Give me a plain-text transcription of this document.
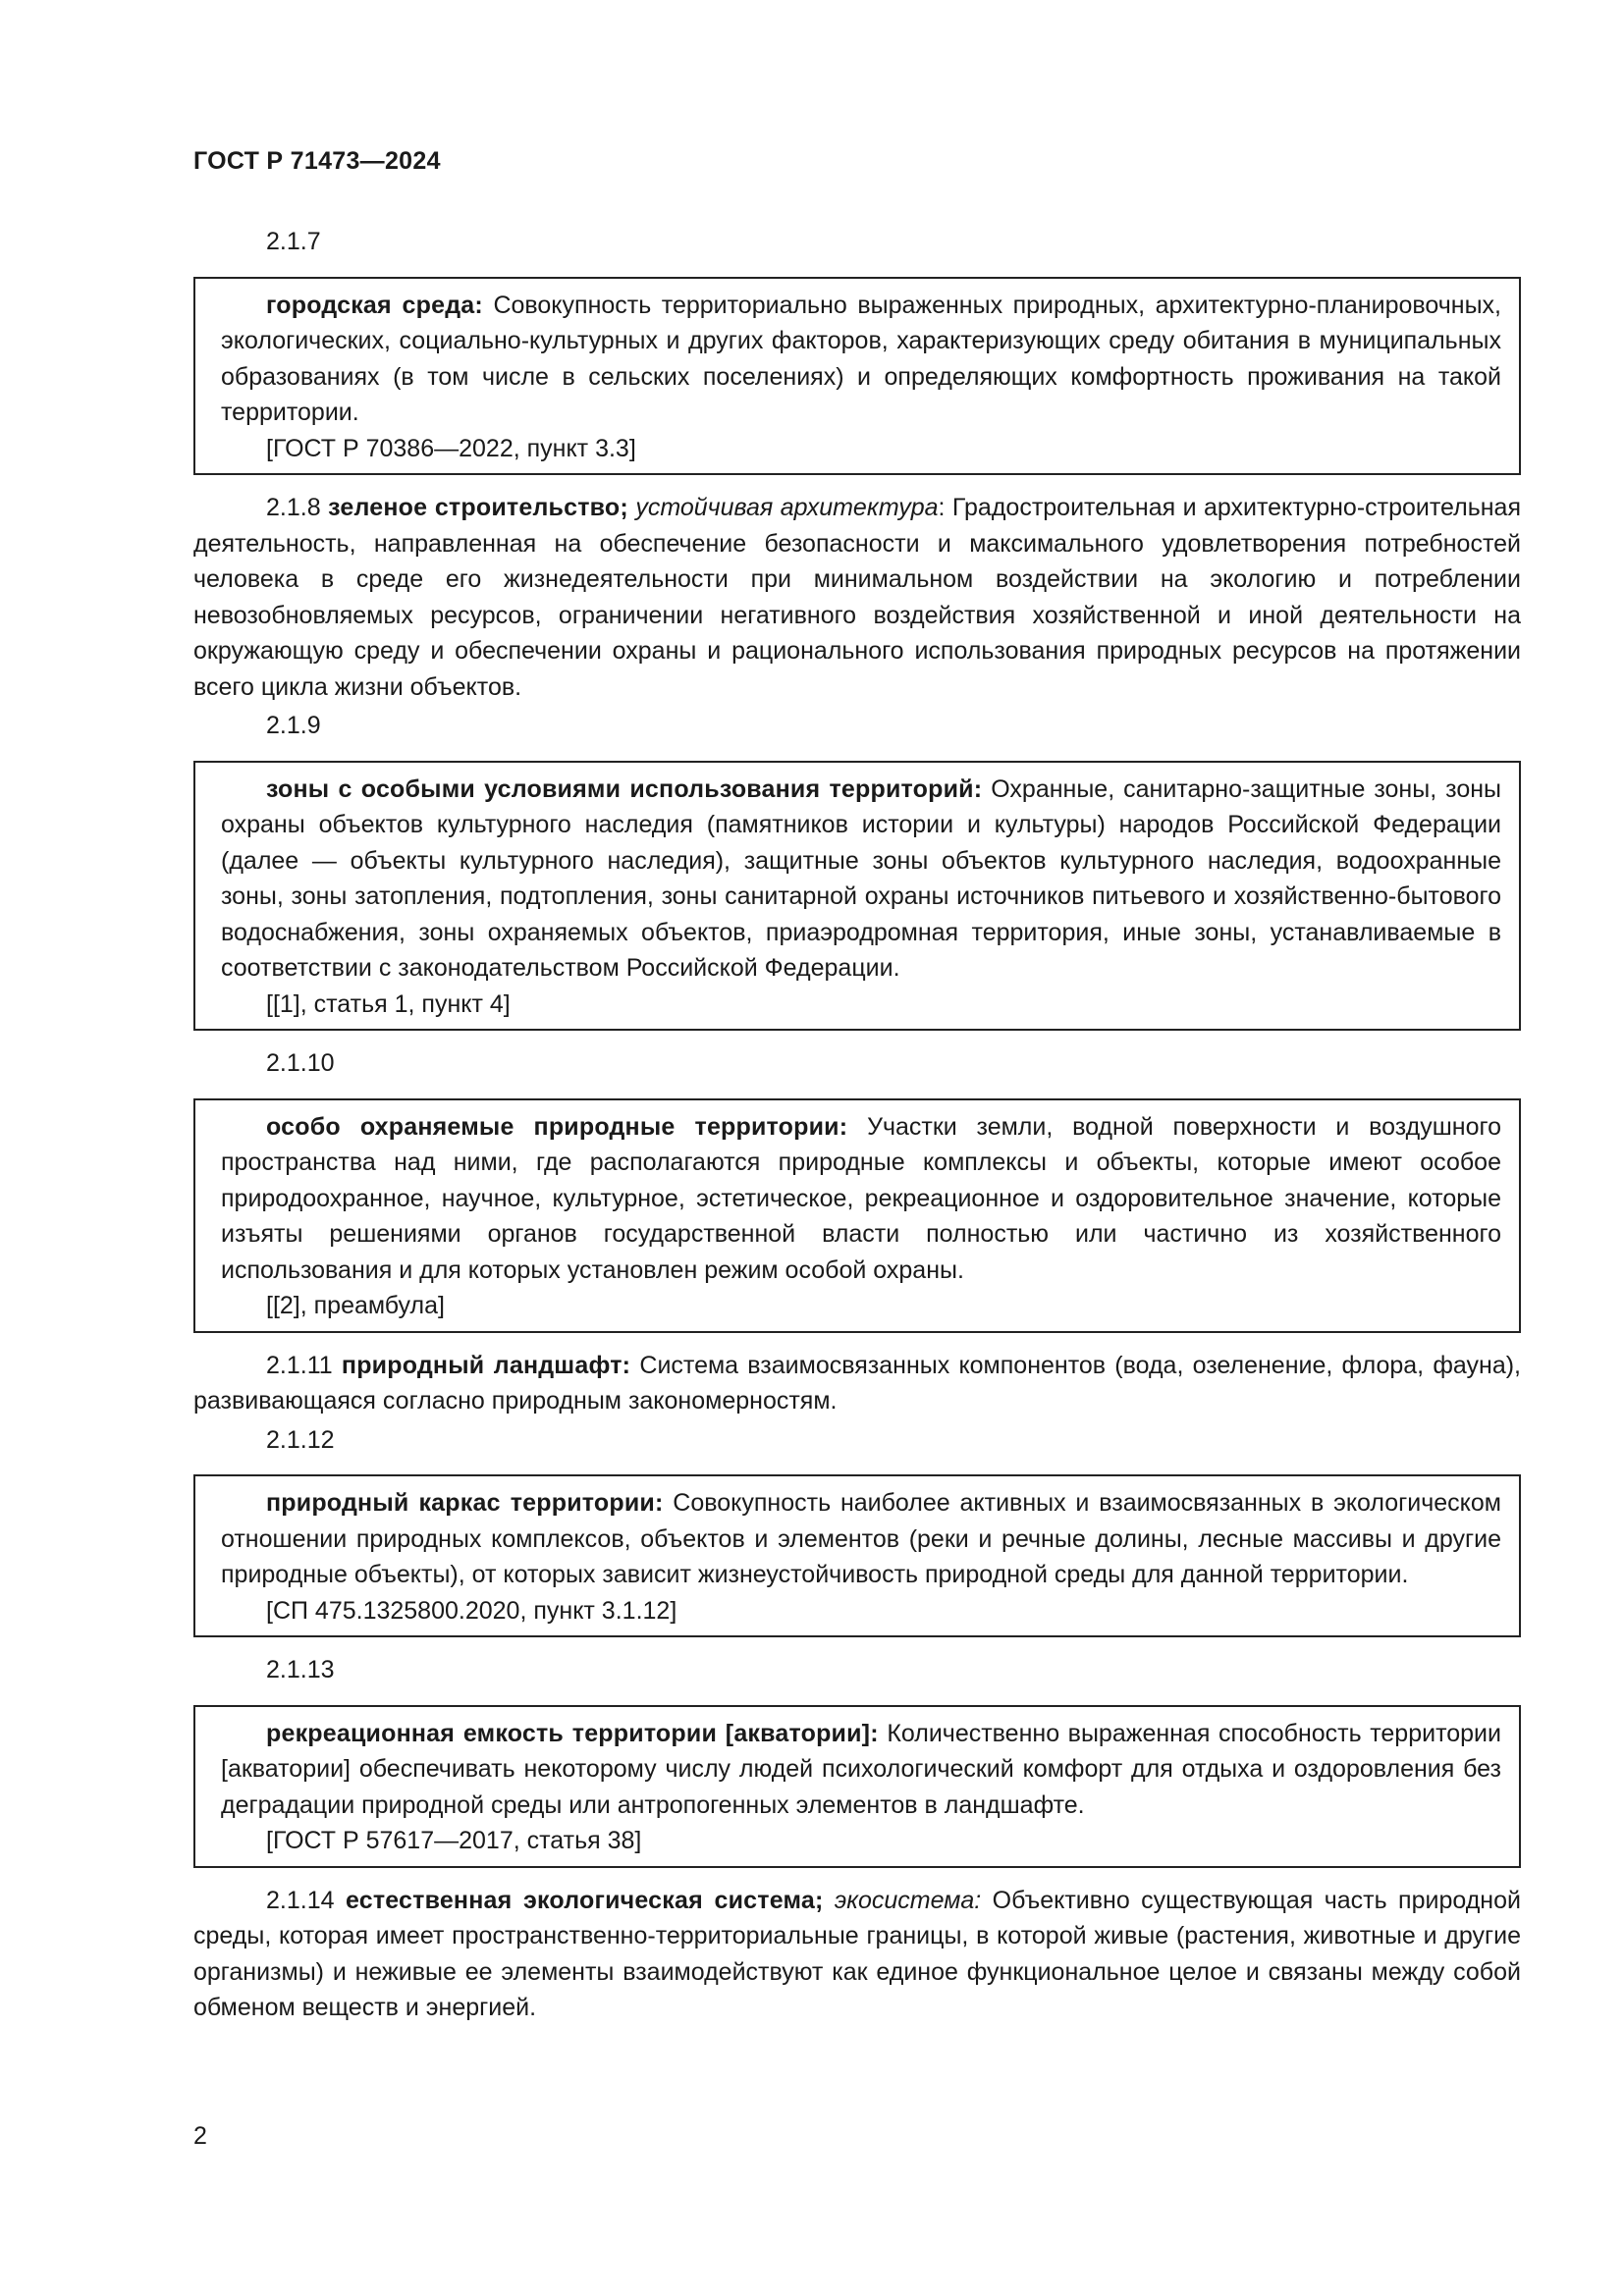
ГОСТ Р 71473—2024
2.1.7

городская среда: Совокупность территориально выраженных природных, архитектурно-планировочных, экологических, социально-культурных и других факторов, характеризующих среду обитания в муниципальных образованиях (в том числе в сельских поселениях) и определяющих комфортность проживания на такой территории.

[ГОСТ Р 70386—2022, пункт 3.3]

2.1.8 зеленое строительство; устойчивая архитектура: Градостроительная и архитектурно-строительная деятельность, направленная на обеспечение безопасности и максимального удовлетворения потребностей человека в среде его жизнедеятельности при минимальном воздействии на экологию и потреблении невозобновляемых ресурсов, ограничении негативного воздействия хозяйственной и иной деятельности на окружающую среду и обеспечении охраны и рационального использования природных ресурсов на протяжении всего цикла жизни объектов.

2.1.9

зоны с особыми условиями использования территорий: Охранные, санитарно-защитные зоны, зоны охраны объектов культурного наследия (памятников истории и культуры) народов Российской Федерации (далее — объекты культурного наследия), защитные зоны объектов культурного наследия, водоохранные зоны, зоны затопления, подтопления, зоны санитарной охраны источников питьевого и хозяйственно-бытового водоснабжения, зоны охраняемых объектов, приаэродромная территория, иные зоны, устанавливаемые в соответствии с законодательством Российской Федерации.

[[1], статья 1, пункт 4]

2.1.10

особо охраняемые природные территории: Участки земли, водной поверхности и воздушного пространства над ними, где располагаются природные комплексы и объекты, которые имеют особое природоохранное, научное, культурное, эстетическое, рекреационное и оздоровительное значение, которые изъяты решениями органов государственной власти полностью или частично из хозяйственного использования и для которых установлен режим особой охраны.

[[2], преамбула]

2.1.11 природный ландшафт: Система взаимосвязанных компонентов (вода, озеленение, флора, фауна), развивающаяся согласно природным закономерностям.

2.1.12

природный каркас территории: Совокупность наиболее активных и взаимосвязанных в экологическом отношении природных комплексов, объектов и элементов (реки и речные долины, лесные массивы и другие природные объекты), от которых зависит жизнеустойчивость природной среды для данной территории.

[СП 475.1325800.2020, пункт 3.1.12]

2.1.13

рекреационная емкость территории [акватории]: Количественно выраженная способность территории [акватории] обеспечивать некоторому числу людей психологический комфорт для отдыха и оздоровления без деградации природной среды или антропогенных элементов в ландшафте.

[ГОСТ Р 57617—2017, статья 38]

2.1.14 естественная экологическая система; экосистема: Объективно существующая часть природной среды, которая имеет пространственно-территориальные границы, в которой живые (растения, животные и другие организмы) и неживые ее элементы взаимодействуют как единое функциональное целое и связаны между собой обменом веществ и энергией.

2
